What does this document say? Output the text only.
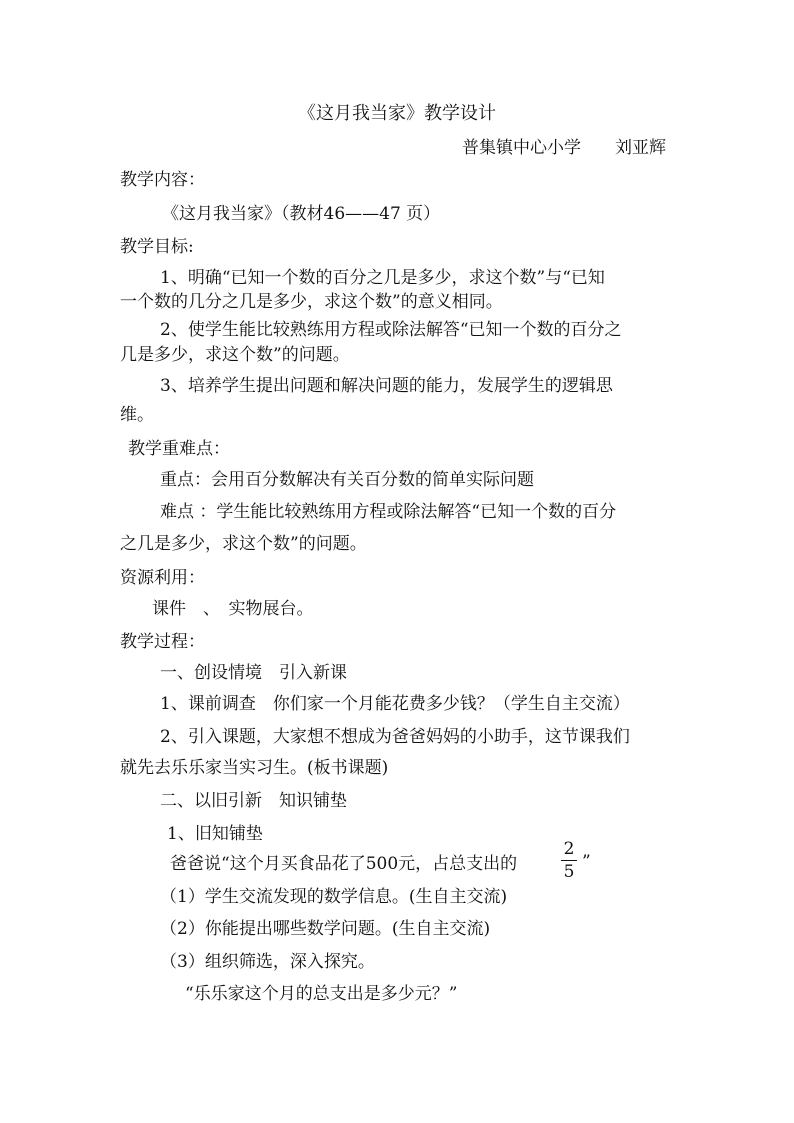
《这月我当家》教学设计
普集镇中心小学　　刘亚辉
教学内容：
《这月我当家》（教材46——47 页）
教学目标:
1、明确“已知一个数的百分之几是多少，求这个数”与“已知
一个数的几分之几是多少，求这个数”的意义相同。
2、使学生能比较熟练用方程或除法解答“已知一个数的百分之
几是多少，求这个数”的问题。
3、培养学生提出问题和解决问题的能力，发展学生的逻辑思
维。
教学重难点：
重点：会用百分数解决有关百分数的简单实际问题
难点 ：学生能比较熟练用方程或除法解答“已知一个数的百分
之几是多少，求这个数”的问题。
资源利用：
课件　、　实物展台。
教学过程：
一、创设情境　引入新课
1、课前调查　你们家一个月能花费多少钱？（学生自主交流）
2、引入课题，大家想不想成为爸爸妈妈的小助手，这节课我们
就先去乐乐家当实习生。(板书课题)
二、以旧引新　知识铺垫
1、旧知铺垫
爸爸说“这个月买食品花了500元，占总支出的
2
5 ”
（1）学生交流发现的数学信息。(生自主交流)
（2）你能提出哪些数学问题。(生自主交流)
（3）组织筛选，深入探究。
“乐乐家这个月的总支出是多少元？”
